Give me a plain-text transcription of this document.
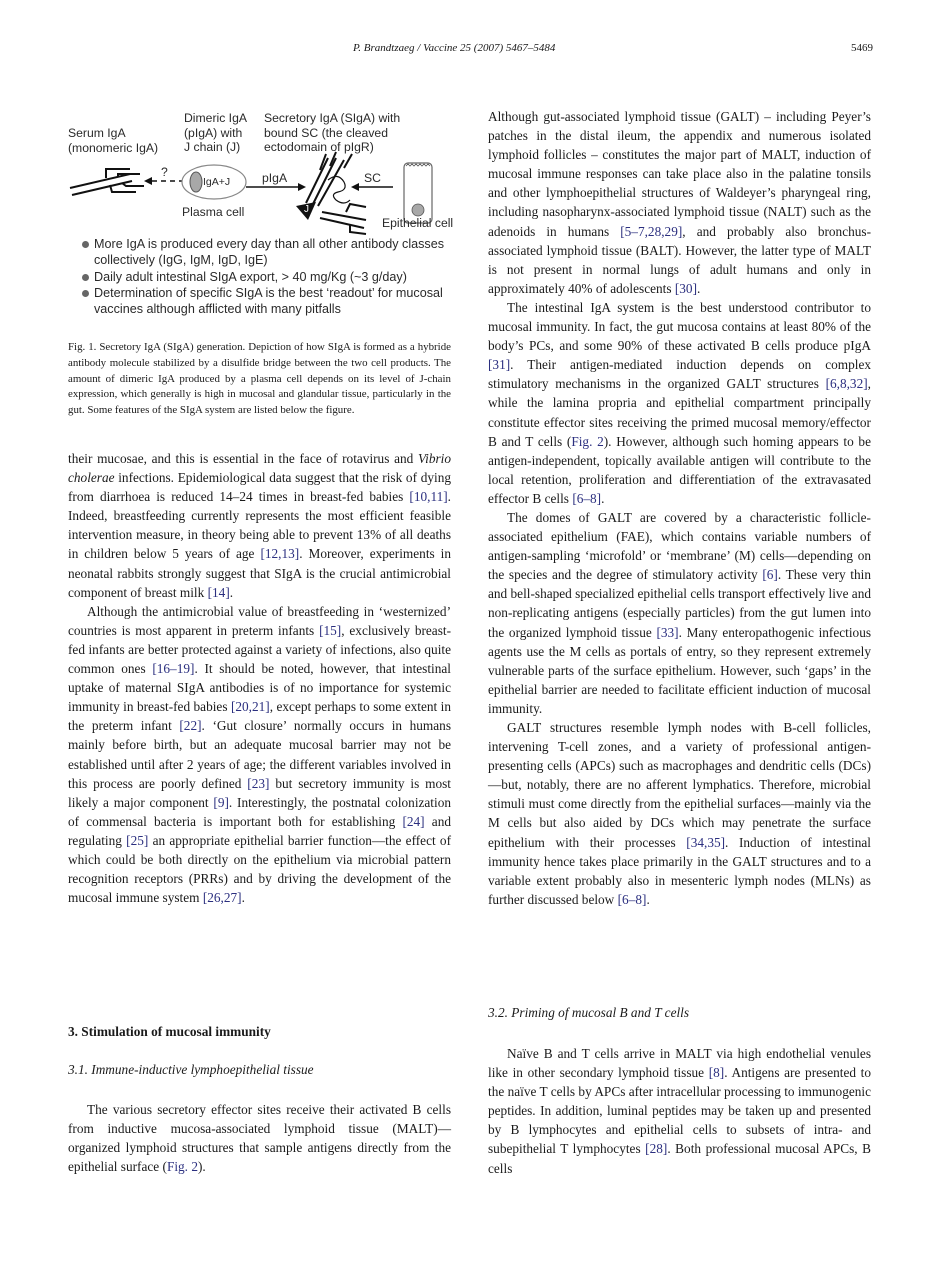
P. Brandtzaeg / Vaccine 25 (2007) 5467–5484	5469
Serum IgA
(monomeric IgA)
Dimeric IgA
(pIgA) with
J chain (J)
Secretory IgA (SIgA) with
bound SC (the cleaved
ectodomain of pIgR)
?
IgA+J
Plasma cell
pIgA	SC
J
Epithelial cell
More IgA is produced every day than all other antibody classes collectively (IgG, IgM, IgD, IgE)
Daily adult intestinal SIgA export, > 40 mg/Kg (~3 g/day)
Determination of specific SIgA is the best ‘readout’ for mucosal vaccines although afflicted with many pitfalls
Fig. 1. Secretory IgA (SIgA) generation. Depiction of how SIgA is formed as a hybride antibody molecule stabilized by a disulfide bridge between the two cell products. The amount of dimeric IgA produced by a plasma cell depends on its level of J-chain expression, which generally is high in mucosal and glandular tissue, particularly in the gut. Some features of the SIgA system are listed below the figure.

their mucosae, and this is essential in the face of rotavirus and Vibrio cholerae infections. Epidemiological data suggest that the risk of dying from diarrhoea is reduced 14–24 times in breast-fed babies [10,11]. Indeed, breastfeeding currently represents the most efficient feasible intervention measure, in theory being able to prevent 13% of all deaths in children below 5 years of age [12,13]. Moreover, experiments in neonatal rabbits strongly suggest that SIgA is the crucial antimicrobial component of breast milk [14].

Although the antimicrobial value of breastfeeding in ‘westernized’ countries is most apparent in preterm infants [15], exclusively breast-fed infants are better protected against a variety of infections, also quite common ones [16–19]. It should be noted, however, that intestinal uptake of maternal SIgA antibodies is of no importance for systemic immunity in breast-fed babies [20,21], except perhaps to some extent in the preterm infant [22]. ‘Gut closure’ normally occurs in humans mainly before birth, but an adequate mucosal barrier may not be established until after 2 years of age; the different variables involved in this process are poorly defined [23] but secretory immunity is most likely a major component [9]. Interestingly, the postnatal colonization of commensal bacteria is important both for establishing [24] and regulating [25] an appropriate epithelial barrier function—the effect of which could be both directly on the epithelium via microbial pattern recognition receptors (PRRs) and by driving the development of the mucosal immune system [26,27].

3. Stimulation of mucosal immunity
3.1. Immune-inductive lymphoepithelial tissue

The various secretory effector sites receive their activated B cells from inductive mucosa-associated lymphoid tissue (MALT)—organized lymphoid structures that sample antigens directly from the epithelial surface (Fig. 2).

Although gut-associated lymphoid tissue (GALT) – including Peyer’s patches in the distal ileum, the appendix and numerous isolated lymphoid follicles – constitutes the major part of MALT, induction of mucosal immune responses can take place also in the palatine tonsils and other lymphoepithelial structures of Waldeyer’s pharyngeal ring, including nasopharynx-associated lymphoid tissue (NALT) such as the adenoids in humans [5–7,28,29], and probably also bronchus-associated lymphoid tissue (BALT). However, the latter type of MALT is not present in normal lungs of adult humans and only in approximately 40% of adolescents [30].

The intestinal IgA system is the best understood contributor to mucosal immunity. In fact, the gut mucosa contains at least 80% of the body’s PCs, and some 90% of these activated B cells produce pIgA [31]. Their antigen-mediated induction depends on complex stimulatory mechanisms in the organized GALT structures [6,8,32], while the lamina propria and epithelial compartment principally constitute effector sites receiving the primed mucosal memory/effector B and T cells (Fig. 2). However, although such homing appears to be antigen-independent, topically available antigen will contribute to the local retention, proliferation and differentiation of the extravasated effector B cells [6–8].

The domes of GALT are covered by a characteristic follicle-associated epithelium (FAE), which contains variable numbers of antigen-sampling ‘microfold’ or ‘membrane’ (M) cells—depending on the species and the degree of stimulatory activity [6]. These very thin and bell-shaped specialized epithelial cells transport effectively live and non-replicating antigens (especially particles) from the gut lumen into the organized lymphoid tissue [33]. Many enteropathogenic infectious agents use the M cells as portals of entry, so they represent extremely vulnerable parts of the surface epithelium. However, such ‘gaps’ in the epithelial barrier are needed to facilitate efficient induction of mucosal immunity.

GALT structures resemble lymph nodes with B-cell follicles, intervening T-cell zones, and a variety of professional antigen-presenting cells (APCs) such as macrophages and dendritic cells (DCs)—but, notably, there are no afferent lymphatics. Therefore, microbial stimuli must come directly from the epithelial surfaces—mainly via the M cells but also aided by DCs which may penetrate the surface epithelium with their processes [34,35]. Induction of intestinal immunity hence takes place primarily in the GALT structures and to a variable extent probably also in mesenteric lymph nodes (MLNs) as further discussed below [6–8].

3.2. Priming of mucosal B and T cells

Naïve B and T cells arrive in MALT via high endothelial venules like in other secondary lymphoid tissue [8]. Antigens are presented to the naïve T cells by APCs after intracellular processing to immunogenic peptides. In addition, luminal peptides may be taken up and presented by B lymphocytes and epithelial cells to subsets of intra- and subepithelial T lymphocytes [28]. Both professional mucosal APCs, B cells
